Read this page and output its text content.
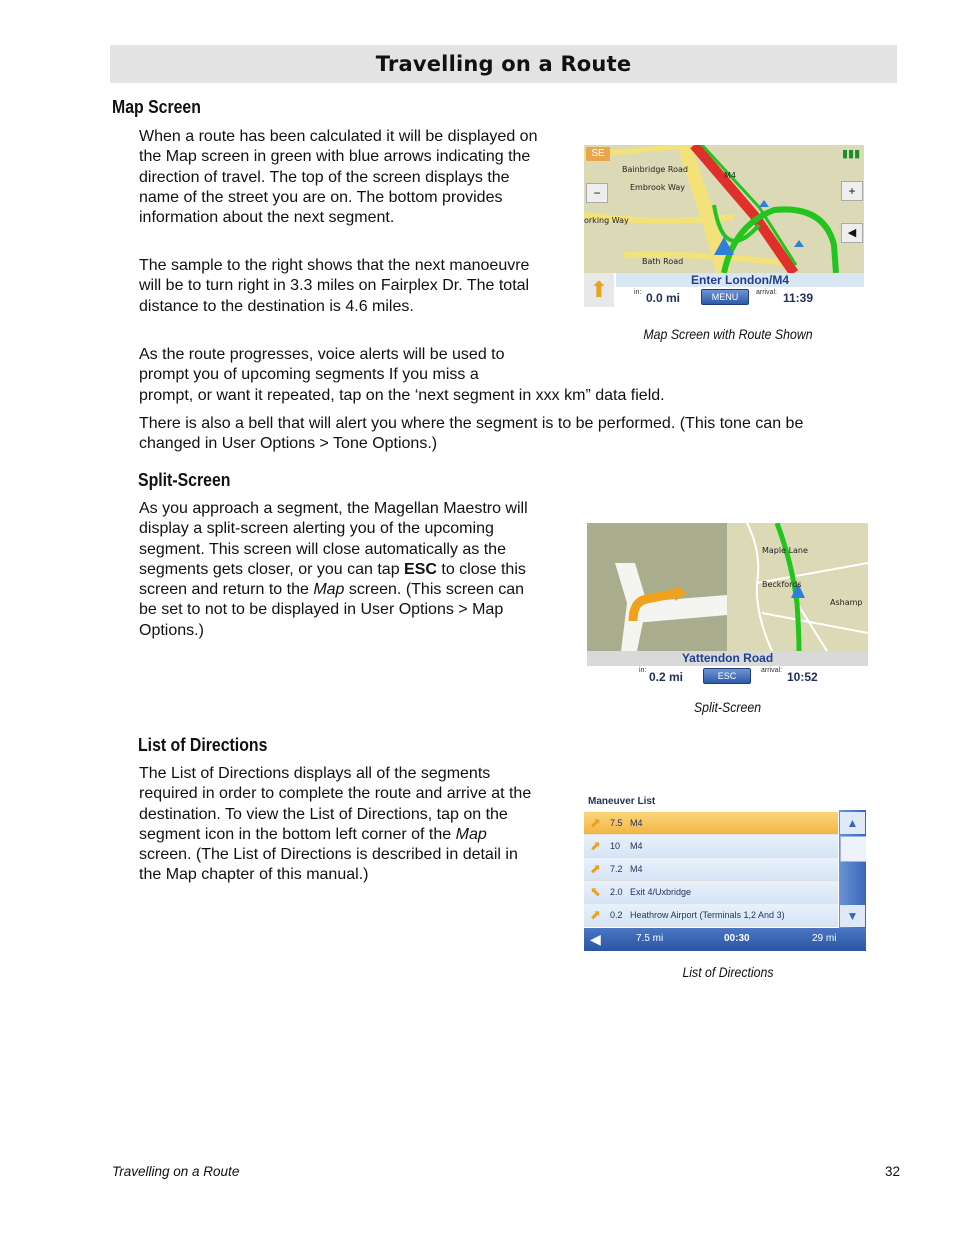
Travelling on a Route
Map Screen
When a route has been calculated it will be displayed on the Map screen in green with blue arrows indicating the direction of travel. The top of the screen displays the name of the street you are on. The bottom provides information about the next segment.
The sample to the right shows that the next manoeuvre will be to turn right in 3.3 miles on Fairplex Dr. The total distance to the destination is 4.6 miles.
As the route progresses, voice alerts will be used to
prompt you of upcoming segments If you miss a
prompt, or want it repeated, tap on the ‘next segment in xxx km” data field.
There is also a bell that will alert you where the segment is to be performed. (This tone can be changed in User Options > Tone Options.)
SE	▮▮▮
−	+
◀
Bainbridge Road
Embrook Way
M4
orking Way
Bath Road
Enter London/M4
⬆	in: 0.0 mi	MENU	arrival: 11:39
Map Screen with Route Shown
Split-Screen
As you approach a segment, the Magellan Maestro will display a split-screen alerting you of the upcoming segment. This screen will close automatically as the segments gets closer, or you can tap ESC to close this screen and return to the Map screen. (This screen can be set to not to be displayed in User Options > Map Options.)
Maple Lane
Beckfords
Ashamp
Yattendon Road
in: 0.2 mi	ESC
arrival: 10:52
Split-Screen
List of Directions
The List of Directions displays all of the segments required in order to complete the route and arrive at the destination. To view the List of Directions, tap on the segment icon in the bottom left corner of the Map screen. (The List of Directions is described in detail in the Map chapter of this manual.)
Maneuver List
⬈ 7.5 M4
⬈ 10 M4
⬈ 7.2 M4
⬉ 2.0 Exit 4/Uxbridge
⬈ 0.2 Heathrow Airport (Terminals 1,2 And 3)
▲
▼
◀	7.5 mi	00:30	29 mi
List of Directions
Travelling on a Route	32
